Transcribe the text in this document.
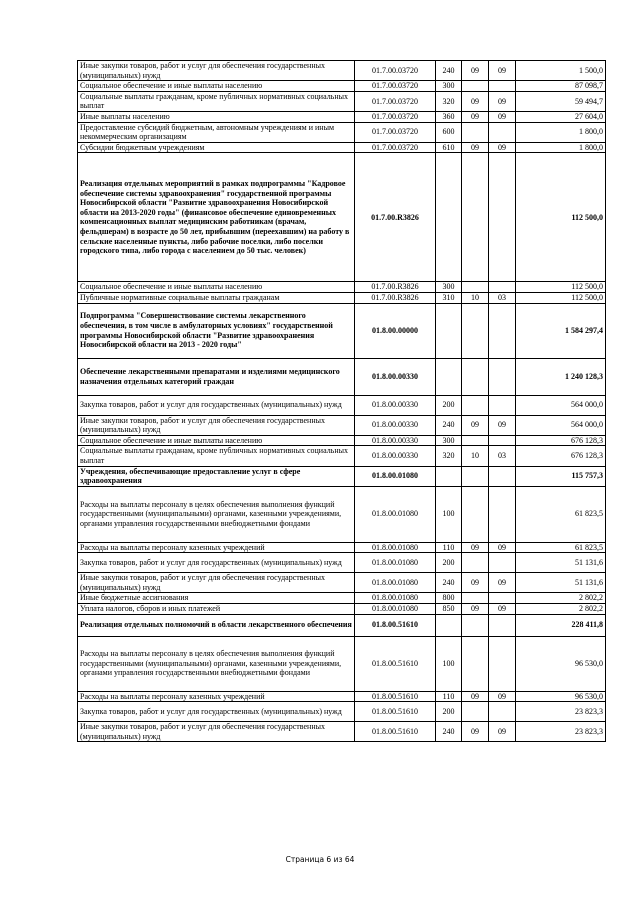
Иные закупки товаров, работ и услуг для обеспечения государственных (муниципальных) нужд	01.7.00.03720	240	09	09	1 500,0
Социальное обеспечение и иные выплаты населению	01.7.00.03720	300			87 098,7
Социальные выплаты гражданам, кроме публичных нормативных социальных выплат	01.7.00.03720	320	09	09	59 494,7
Иные выплаты населению	01.7.00.03720	360	09	09	27 604,0
Предоставление субсидий бюджетным, автономным учреждениям и иным некоммерческим организациям	01.7.00.03720	600			1 800,0
Субсидии бюджетным учреждениям	01.7.00.03720	610	09	09	1 800,0
Реализация отдельных мероприятий в рамках подпрограммы "Кадровое обеспечение системы здравоохранения" государственной программы Новосибирской области "Развитие здравоохранения Новосибирской области на 2013-2020 годы" (финансовое обеспечение единовременных компенсационных выплат медицинским работникам (врачам, фельдшерам) в возрасте до 50 лет, прибывшим (переехавшим) на работу в сельские населенные пункты, либо рабочие поселки, либо поселки городского типа, либо города с населением до 50 тыс. человек)	01.7.00.R3826				112 500,0
Социальное обеспечение и иные выплаты населению	01.7.00.R3826	300			112 500,0
Публичные нормативные социальные выплаты гражданам	01.7.00.R3826	310	10	03	112 500,0
Подпрограмма "Совершенствование системы лекарственного обеспечения, в том числе в амбулаторных условиях" государственной программы Новосибирской области "Развитие здравоохранения Новосибирской области на 2013 - 2020 годы"	01.8.00.00000				1 584 297,4
Обеспечение лекарственными препаратами и изделиями медицинского назначения отдельных категорий граждан	01.8.00.00330				1 240 128,3
Закупка товаров, работ и услуг для государственных (муниципальных) нужд	01.8.00.00330	200			564 000,0
Иные закупки товаров, работ и услуг для обеспечения государственных (муниципальных) нужд	01.8.00.00330	240	09	09	564 000,0
Социальное обеспечение и иные выплаты населению	01.8.00.00330	300			676 128,3
Социальные выплаты гражданам, кроме публичных нормативных социальных выплат	01.8.00.00330	320	10	03	676 128,3
Учреждения, обеспечивающие предоставление услуг в сфере здравоохранения	01.8.00.01080				115 757,3
Расходы на выплаты персоналу в целях обеспечения выполнения функций государственными (муниципальными) органами, казенными учреждениями, органами управления государственными внебюджетными фондами	01.8.00.01080	100			61 823,5
Расходы на выплаты персоналу казенных учреждений	01.8.00.01080	110	09	09	61 823,5
Закупка товаров, работ и услуг для государственных (муниципальных) нужд	01.8.00.01080	200			51 131,6
Иные закупки товаров, работ и услуг для обеспечения государственных (муниципальных) нужд	01.8.00.01080	240	09	09	51 131,6
Иные бюджетные ассигнования	01.8.00.01080	800			2 802,2
Уплата налогов, сборов и иных платежей	01.8.00.01080	850	09	09	2 802,2
Реализация отдельных полномочий в области лекарственного обеспечения	01.8.00.51610				228 411,8
Расходы на выплаты персоналу в целях обеспечения выполнения функций государственными (муниципальными) органами, казенными учреждениями, органами управления государственными внебюджетными фондами	01.8.00.51610	100			96 530,0
Расходы на выплаты персоналу казенных учреждений	01.8.00.51610	110	09	09	96 530,0
Закупка товаров, работ и услуг для государственных (муниципальных) нужд	01.8.00.51610	200			23 823,3
Иные закупки товаров, работ и услуг для обеспечения государственных (муниципальных) нужд	01.8.00.51610	240	09	09	23 823,3
Страница 6 из 64
